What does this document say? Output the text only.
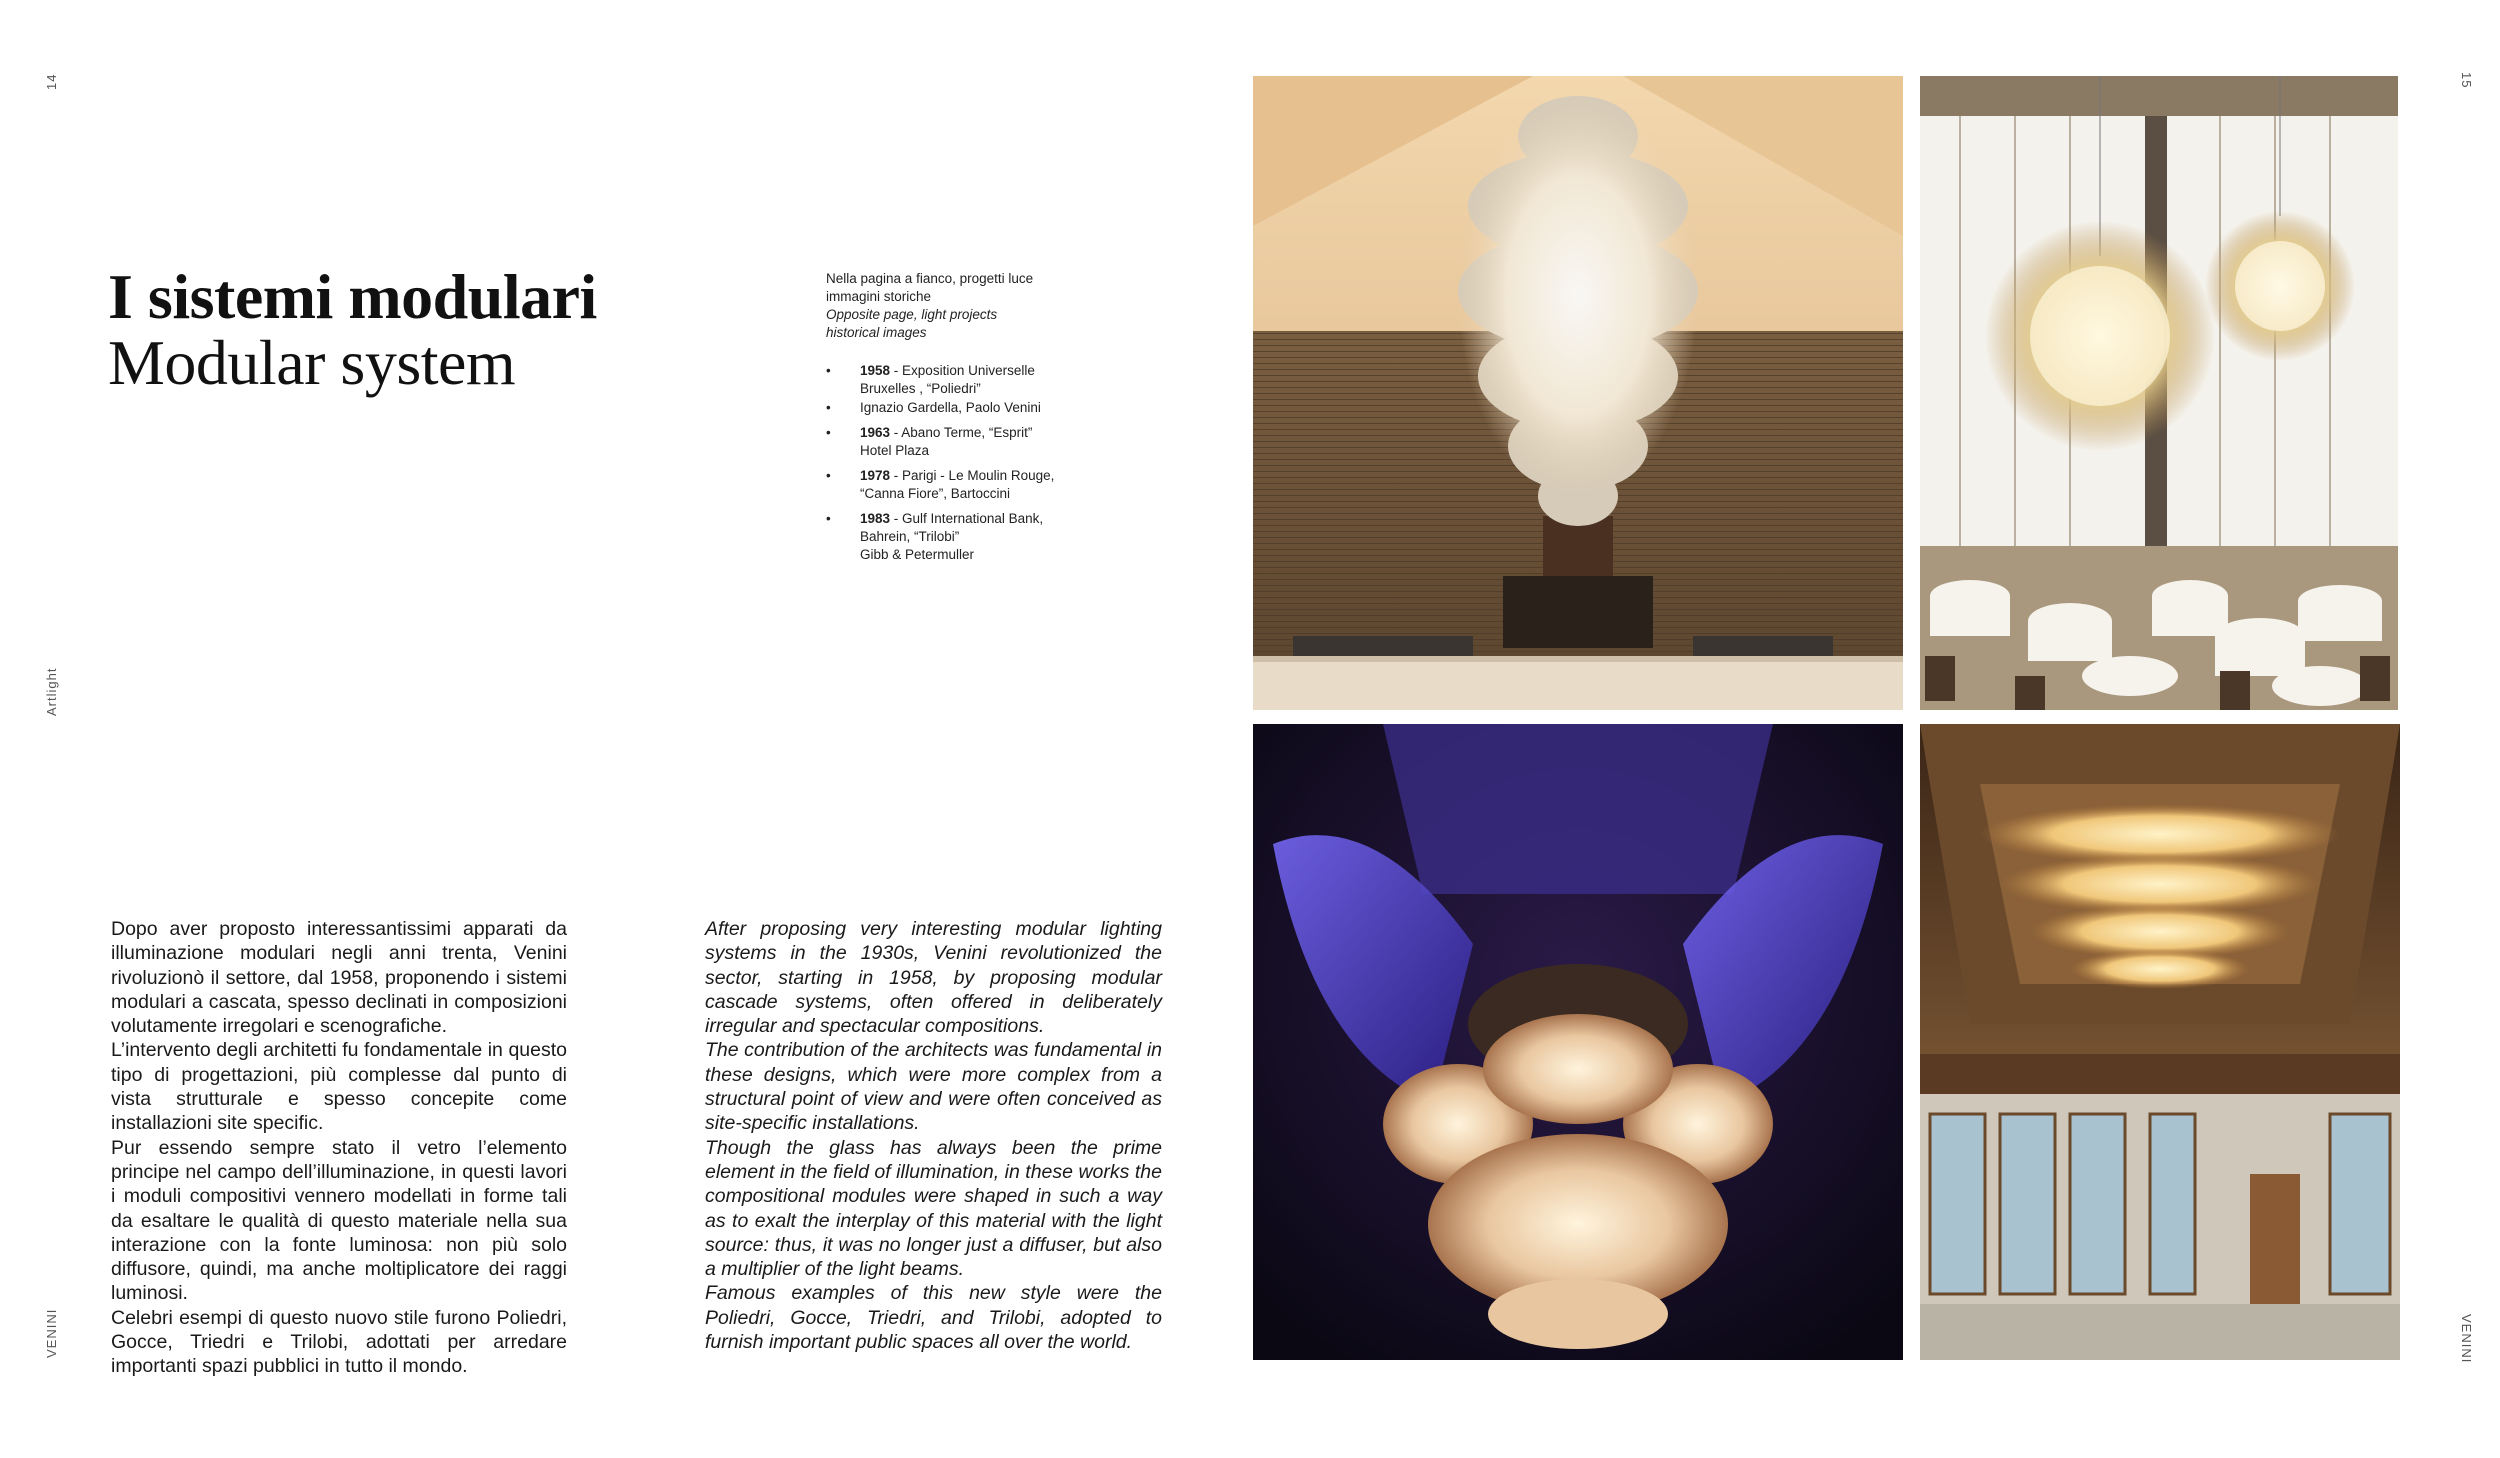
14
Artlight
VENINI
15
VENINI
I sistemi modulari
Modular system
Nella pagina a fianco, progetti luce
immagini storiche
Opposite page, light projects
historical images
• 1958 - Exposition Universelle
Bruxelles , “Poliedri”
• Ignazio Gardella, Paolo Venini
• 1963 - Abano Terme, “Esprit”
Hotel Plaza
• 1978 - Parigi - Le Moulin Rouge,
“Canna Fiore”, Bartoccini
• 1983 - Gulf International Bank,
Bahrein, “Trilobi”
Gibb & Petermuller

Dopo aver proposto interessantissimi apparati da illuminazione modulari negli anni trenta, Venini rivoluzionò il settore, dal 1958, proponendo i sistemi modulari a cascata, spesso declinati in composizioni volutamente irregolari e scenografiche.

L’intervento degli architetti fu fondamentale in questo tipo di progettazioni, più complesse dal punto di vista strutturale e spesso concepite come installazioni site specific.

Pur essendo sempre stato il vetro l’elemento principe nel campo dell’illuminazione, in questi lavori i moduli compositivi vennero modellati in forme tali da esaltare le qualità di questo materiale nella sua interazione con la fonte luminosa: non più solo diffusore, quindi, ma anche moltiplicatore dei raggi luminosi.

Celebri esempi di questo nuovo stile furono Poliedri, Gocce, Triedri e Trilobi, adottati per arredare importanti spazi pubblici in tutto il mondo.

After proposing very interesting modular lighting systems in the 1930s, Venini revolutionized the sector, starting in 1958, by proposing modular cascade systems, often offered in deliberately irregular and spectacular compositions.

The contribution of the architects was fundamental in these designs, which were more complex from a structural point of view and were often conceived as site-specific installations.

Though the glass has always been the prime element in the field of illumination, in these works the compositional modules were shaped in such a way as to exalt the interplay of this material with the light source: thus, it was no longer just a diffuser, but also a multiplier of the light beams.

Famous examples of this new style were the Poliedri, Gocce, Triedri, and Trilobi, adopted to furnish important public spaces all over the world.
